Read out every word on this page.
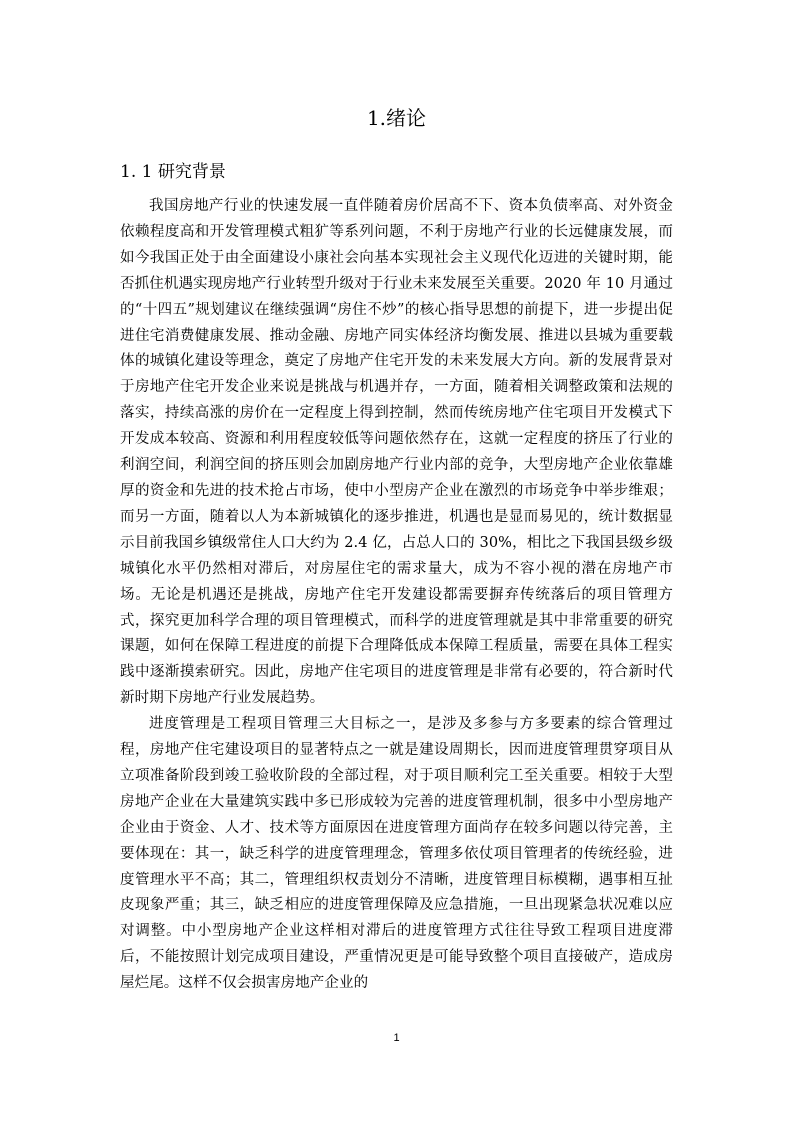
1.绪论
1. 1 研究背景

我国房地产行业的快速发展一直伴随着房价居高不下、资本负债率高、对外资金依赖程度高和开发管理模式粗犷等系列问题，不利于房地产行业的长远健康发展，而如今我国正处于由全面建设小康社会向基本实现社会主义现代化迈进的关键时期，能否抓住机遇实现房地产行业转型升级对于行业未来发展至关重要。2020 年 10 月通过的“十四五”规划建议在继续强调“房住不炒”的核心指导思想的前提下，进一步提出促进住宅消费健康发展、推动金融、房地产同实体经济均衡发展、推进以县城为重要载体的城镇化建设等理念，奠定了房地产住宅开发的未来发展大方向。新的发展背景对于房地产住宅开发企业来说是挑战与机遇并存，一方面，随着相关调整政策和法规的落实，持续高涨的房价在一定程度上得到控制，然而传统房地产住宅项目开发模式下开发成本较高、资源和利用程度较低等问题依然存在，这就一定程度的挤压了行业的利润空间，利润空间的挤压则会加剧房地产行业内部的竞争，大型房地产企业依靠雄厚的资金和先进的技术抢占市场，使中小型房产企业在激烈的市场竞争中举步维艰；而另一方面，随着以人为本新城镇化的逐步推进，机遇也是显而易见的，统计数据显示目前我国乡镇级常住人口大约为 2.4 亿，占总人口的 30%，相比之下我国县级乡级城镇化水平仍然相对滞后，对房屋住宅的需求量大，成为不容小视的潜在房地产市场。无论是机遇还是挑战，房地产住宅开发建设都需要摒弃传统落后的项目管理方式，探究更加科学合理的项目管理模式，而科学的进度管理就是其中非常重要的研究课题，如何在保障工程进度的前提下合理降低成本保障工程质量，需要在具体工程实践中逐渐摸索研究。因此，房地产住宅项目的进度管理是非常有必要的，符合新时代新时期下房地产行业发展趋势。

进度管理是工程项目管理三大目标之一，是涉及多参与方多要素的综合管理过程，房地产住宅建设项目的显著特点之一就是建设周期长，因而进度管理贯穿项目从立项准备阶段到竣工验收阶段的全部过程，对于项目顺利完工至关重要。相较于大型房地产企业在大量建筑实践中多已形成较为完善的进度管理机制，很多中小型房地产企业由于资金、人才、技术等方面原因在进度管理方面尚存在较多问题以待完善，主要体现在：其一，缺乏科学的进度管理理念，管理多依仗项目管理者的传统经验，进度管理水平不高；其二，管理组织权责划分不清晰，进度管理目标模糊，遇事相互扯皮现象严重；其三，缺乏相应的进度管理保障及应急措施，一旦出现紧急状况难以应对调整。中小型房地产企业这样相对滞后的进度管理方式往往导致工程项目进度滞后，不能按照计划完成项目建设，严重情况更是可能导致整个项目直接破产，造成房屋烂尾。这样不仅会损害房地产企业的

1
